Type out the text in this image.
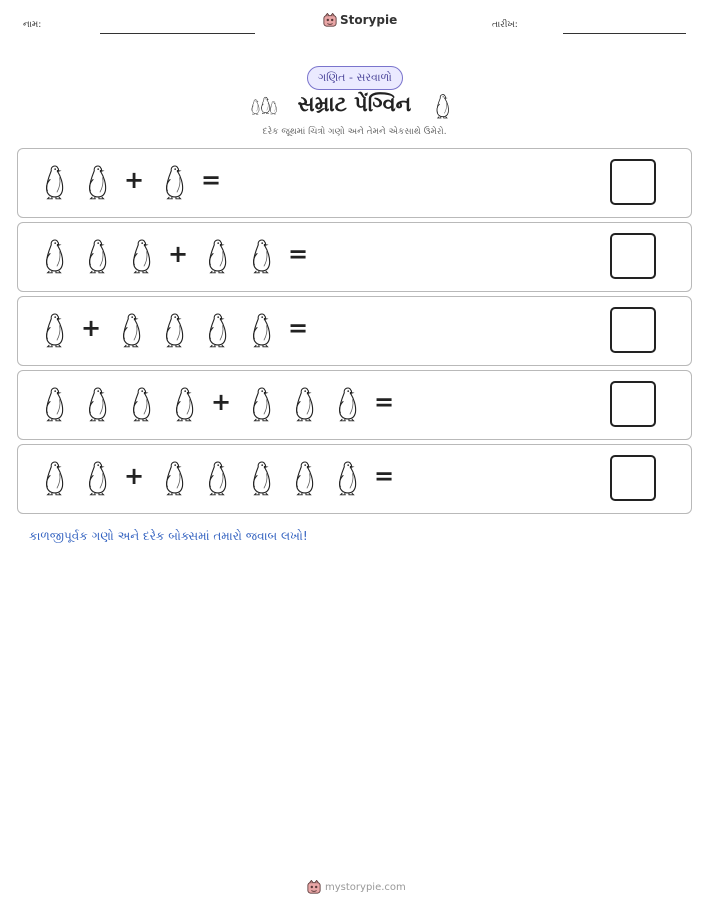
નામ:	Storypie	તારીખ:
ગણિત - સરવાળો
સમ્રાટ પેંગ્વિન
દરેક જૂથમાં ચિત્રો ગણો અને તેમને એકસાથે ઉમેરો.
+ =
+	=
+	=
+	=
+	=
કાળજીપૂર્વક ગણો અને દરેક બોક્સમાં તમારો જવાબ લખો!
mystorypie.com
